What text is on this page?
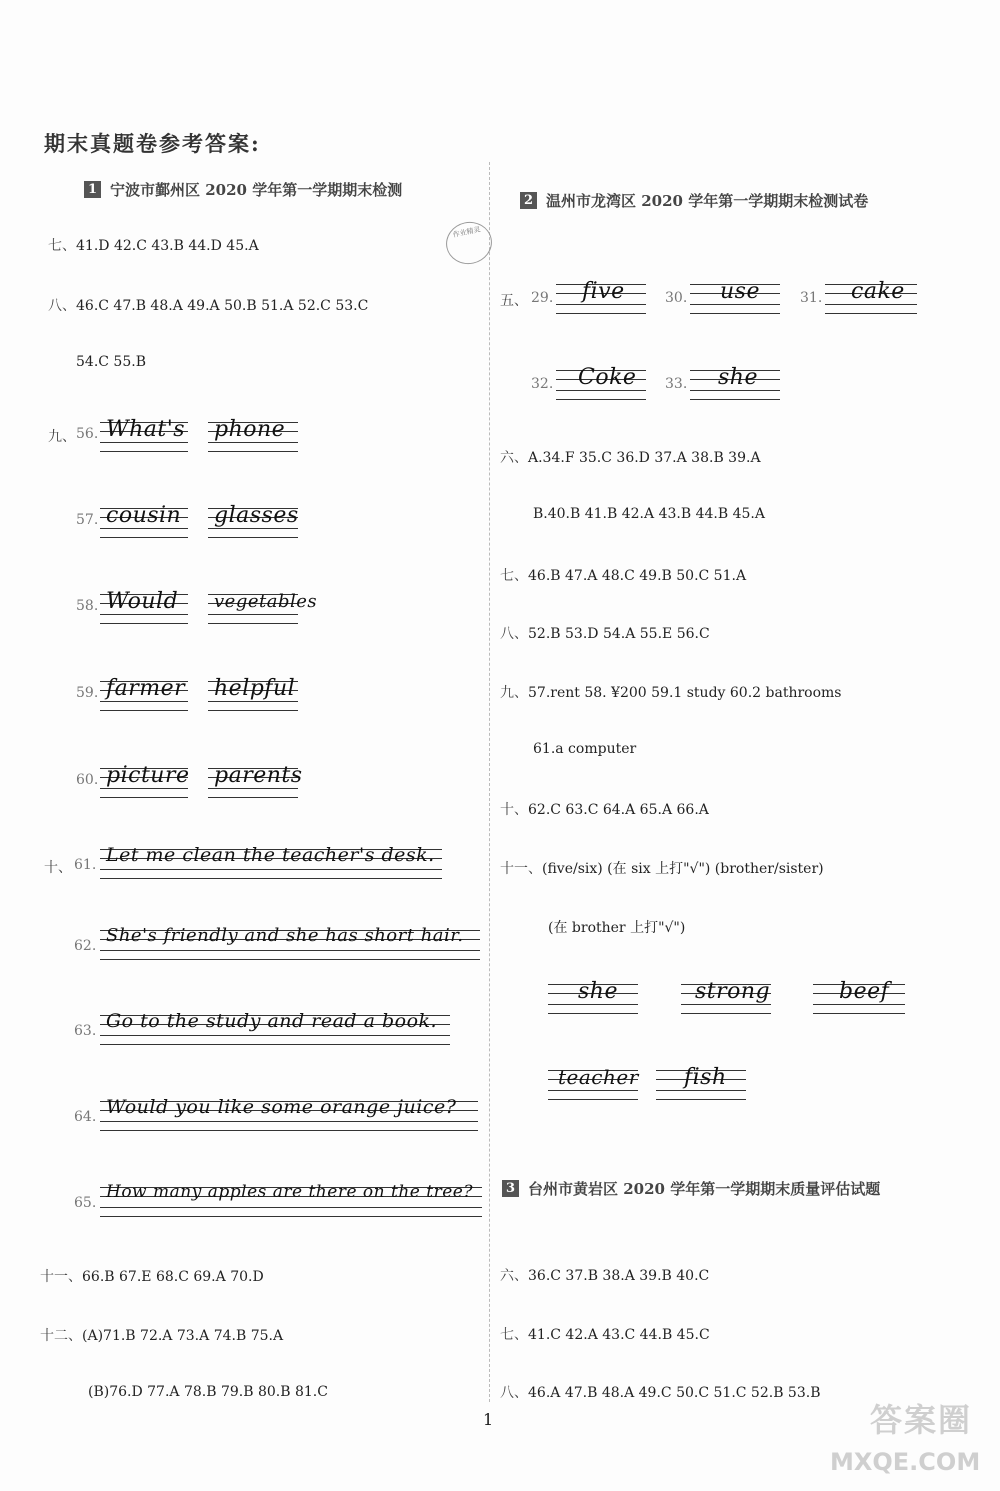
期末真题卷参考答案:
作业精灵
1 宁波市鄞州区 2020 学年第一学期期末检测
七、41.D 42.C 43.B 44.D 45.A
八、46.C 47.B 48.A 49.A 50.B 51.A 52.C 53.C
54.C 55.B
九、 56. What's phone
57. cousin glasses
58. Would vegetables
59. farmer helpful
60. picture parents
十、 61. Let me clean the teacher's desk.
62. She's friendly and she has short hair.
63. Go to the study and read a book.
64. Would you like some orange juice?
65.
How many apples are there on the tree?
十一、66.B 67.E 68.C 69.A 70.D
十二、(A)71.B 72.A 73.A 74.B 75.A
(B)76.D 77.A 78.B 79.B 80.B 81.C
2 温州市龙湾区 2020 学年第一学期期末检测试卷
五、 29. five	30. use	31. cake
32. Coke 33. she
六、A.34.F 35.C 36.D 37.A 38.B 39.A
B.40.B 41.B 42.A 43.B 44.B 45.A
七、46.B 47.A 48.C 49.B 50.C 51.A
八、52.B 53.D 54.A 55.E 56.C
九、57.rent 58. ¥200 59.1 study 60.2 bathrooms
61.a computer
十、62.C 63.C 64.A 65.A 66.A
十一、(five/six) (在 six 上打"√") (brother/sister)
(在 brother 上打"√")
she	strong	beef
teacher fish
3 台州市黄岩区 2020 学年第一学期期末质量评估试题
六、36.C 37.B 38.A 39.B 40.C
七、41.C 42.A 43.C 44.B 45.C
八、46.A 47.B 48.A 49.C 50.C 51.C 52.B 53.B
1	答案圈
MXQE.COM
